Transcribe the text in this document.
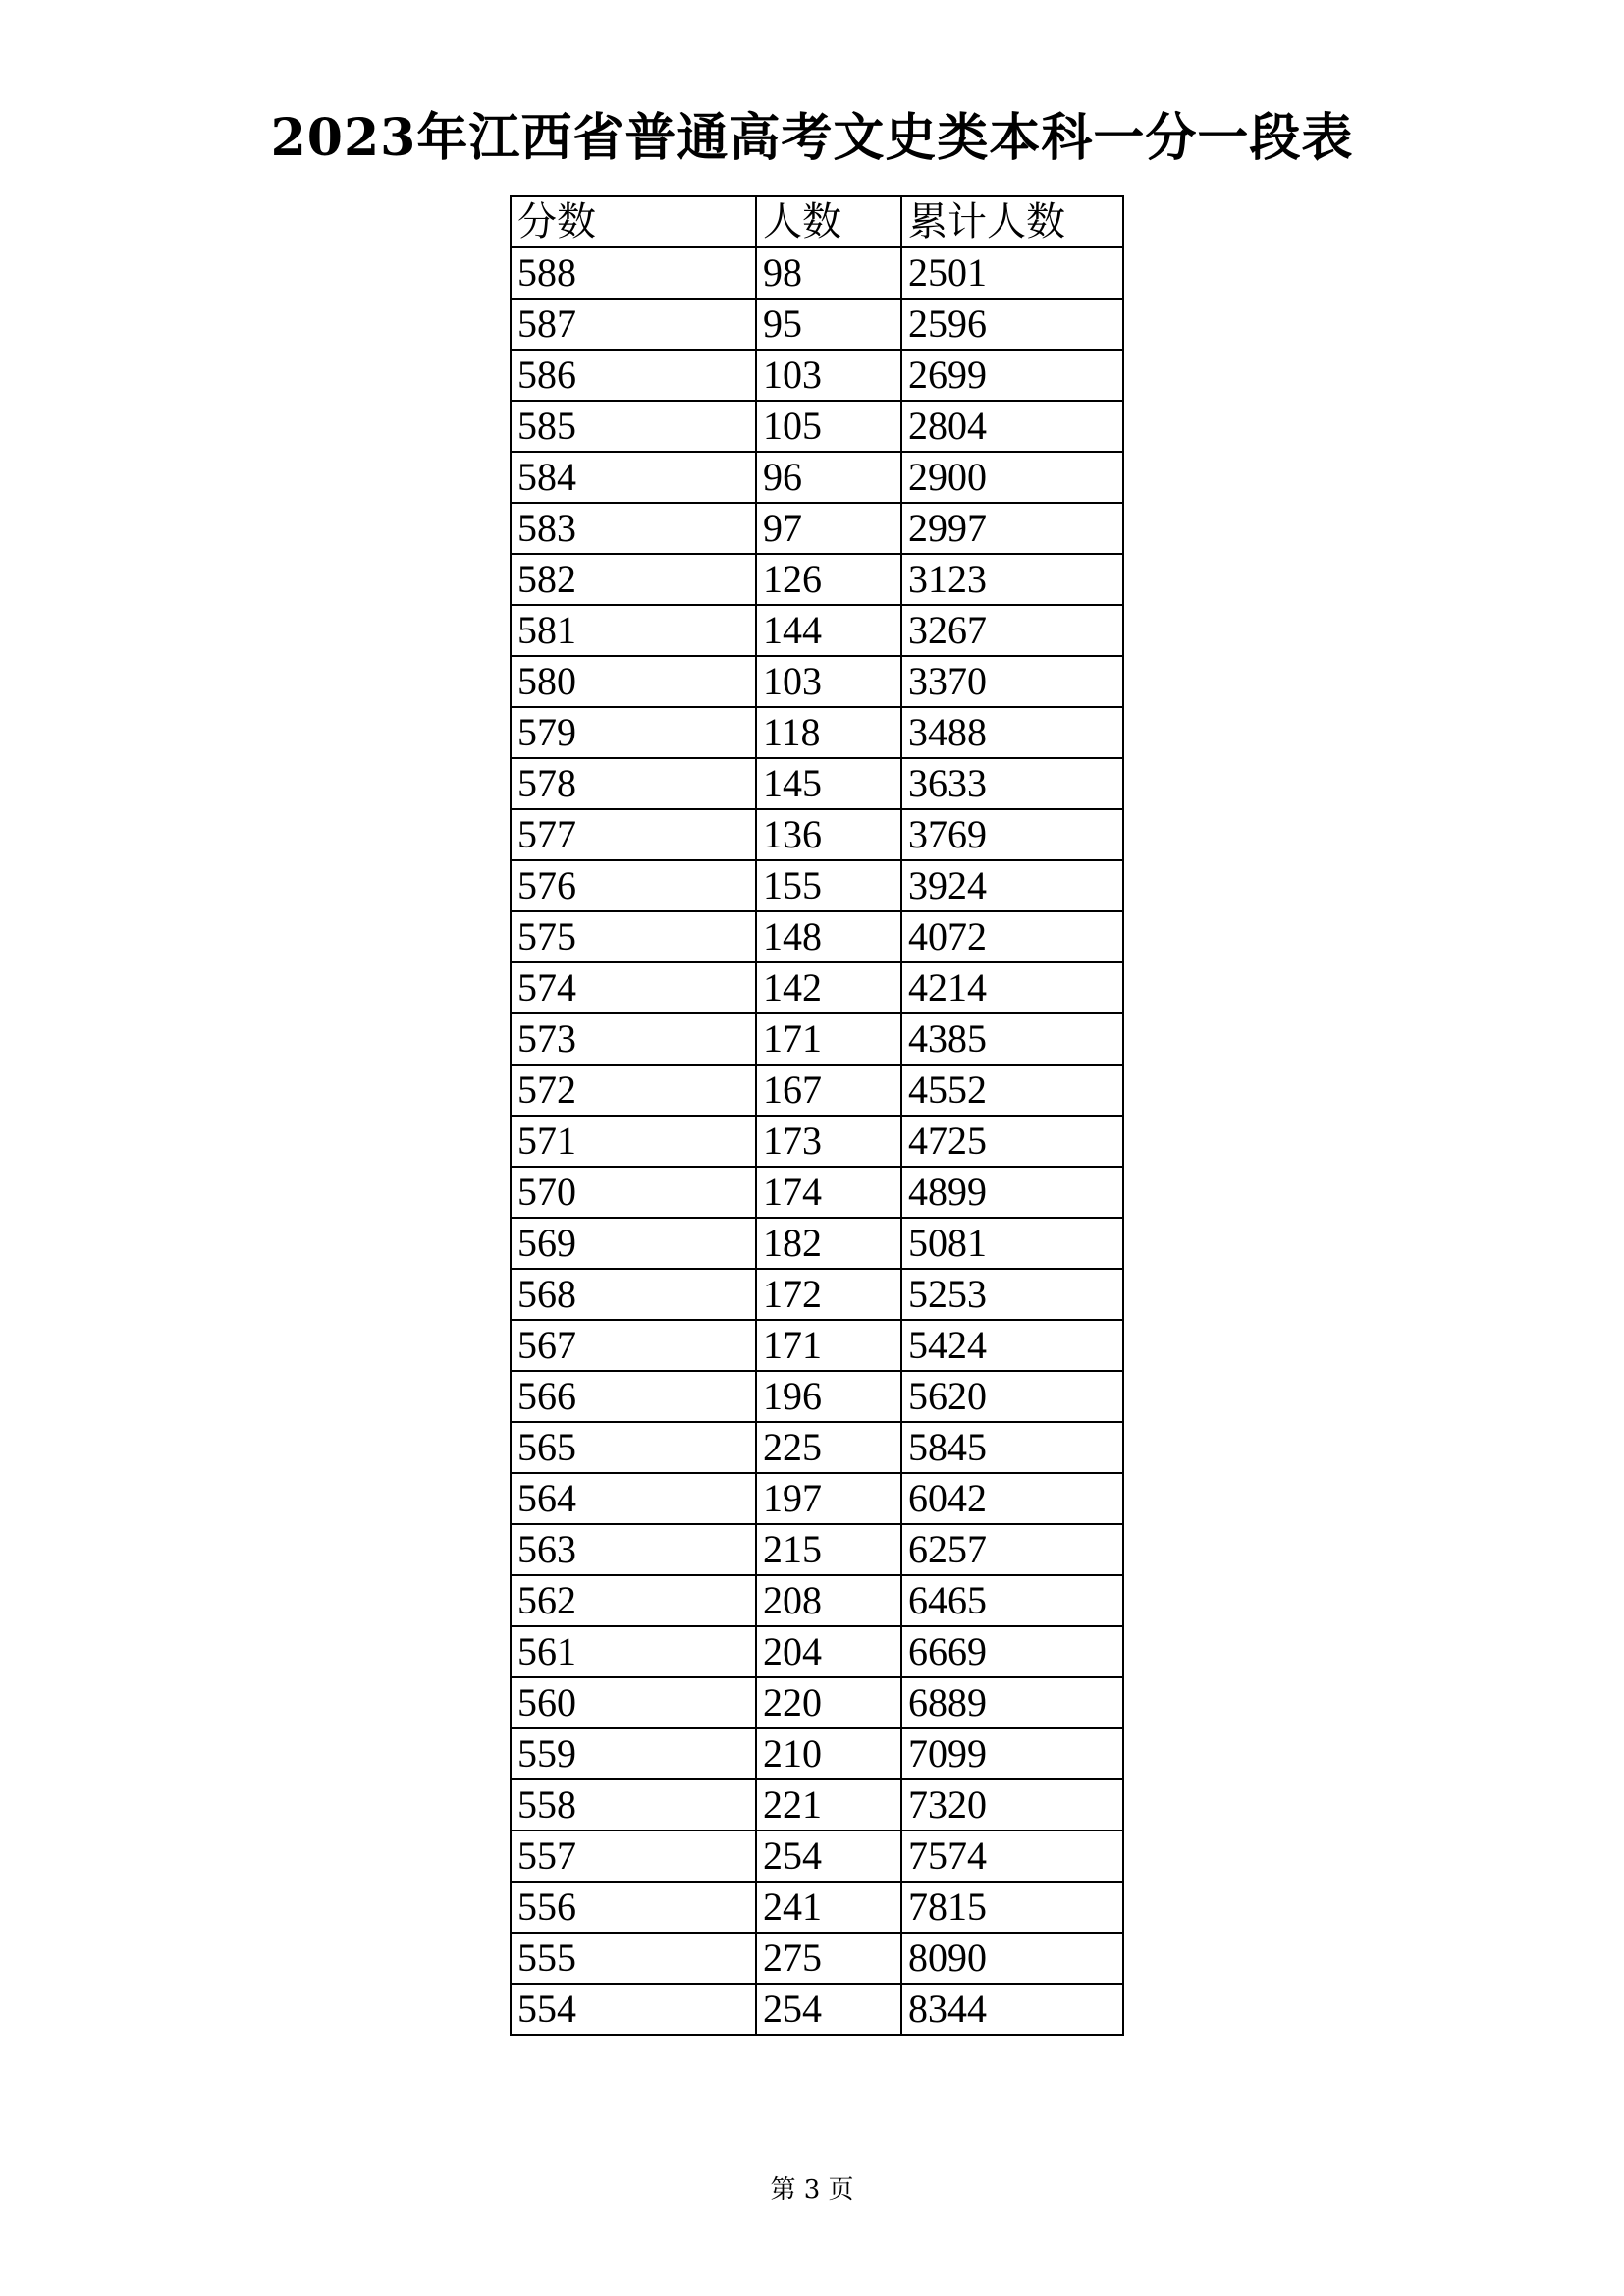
2023年江西省普通高考文史类本科一分一段表
分数	人数	累计人数
588	98	2501
587	95	2596
586	103	2699
585	105	2804
584	96	2900
583	97	2997
582	126	3123
581	144	3267
580	103	3370
579	118	3488
578	145	3633
577	136	3769
576	155	3924
575	148	4072
574	142	4214
573	171	4385
572	167	4552
571	173	4725
570	174	4899
569	182	5081
568	172	5253
567	171	5424
566	196	5620
565	225	5845
564	197	6042
563	215	6257
562	208	6465
561	204	6669
560	220	6889
559	210	7099
558	221	7320
557	254	7574
556	241	7815
555	275	8090
554	254	8344
第 3 页
